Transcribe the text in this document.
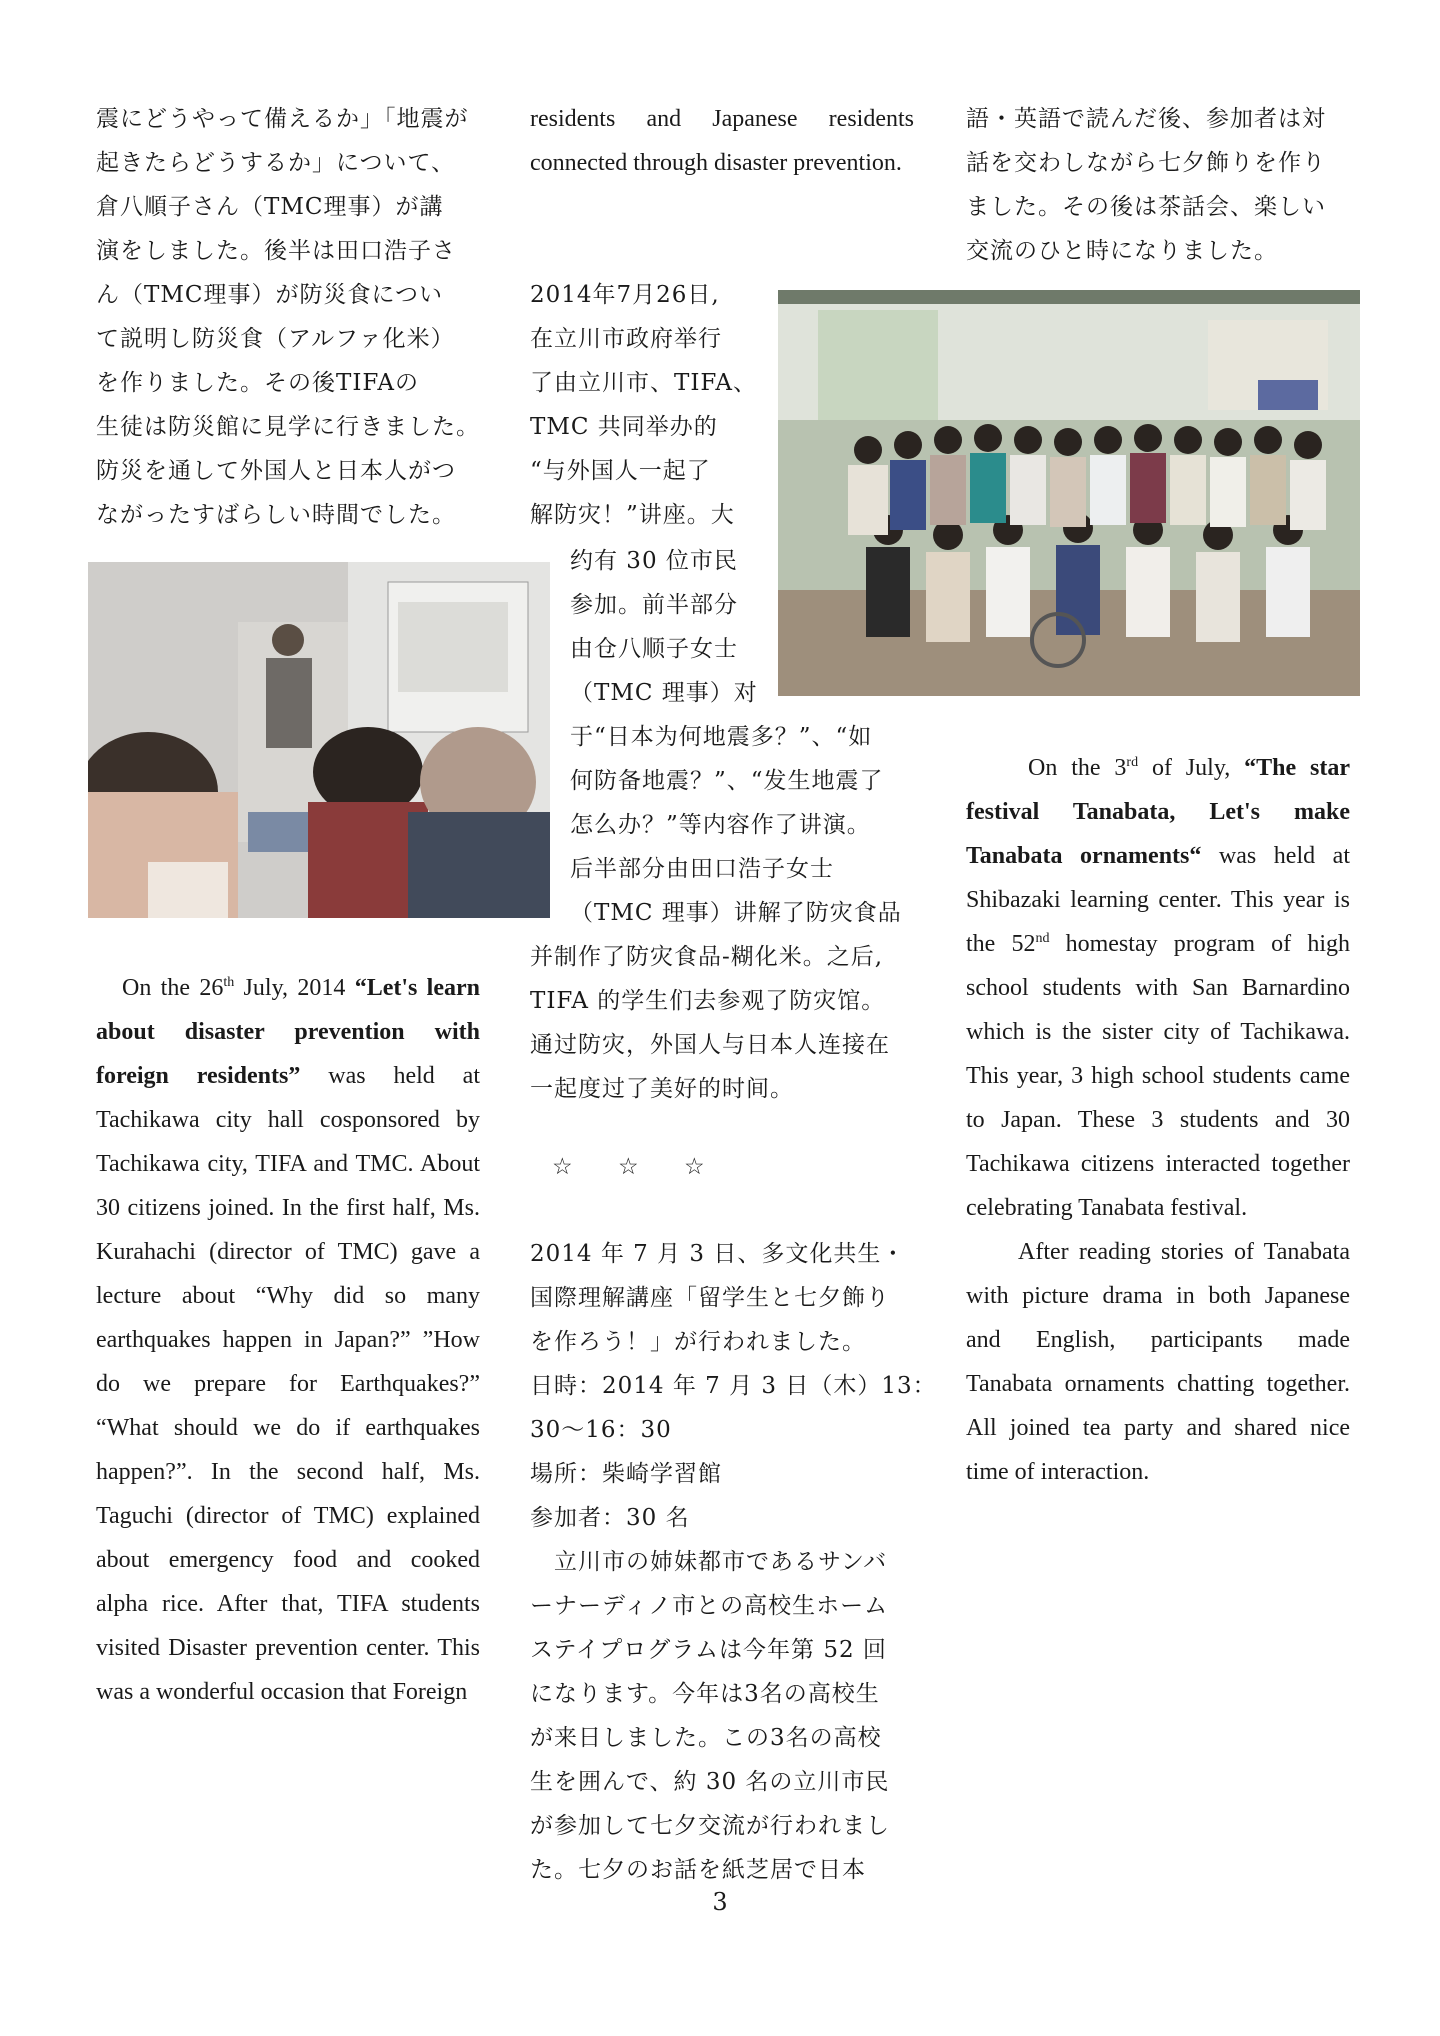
震にどうやって備えるか」「地震が
起きたらどうするか」について、
倉八順子さん（TMC理事）が講
演をしました。後半は田口浩子さ
ん（TMC理事）が防災食につい
て説明し防災食（アルファ化米）
を作りました。その後TIFAの
生徒は防災館に見学に行きました。
防災を通して外国人と日本人がつ
ながったすばらしい時間でした。

On the 26th July, 2014 “Let's learn about disaster prevention with foreign residents” was held at Tachikawa city hall cosponsored by Tachikawa city, TIFA and TMC. About 30 citizens joined. In the first half, Ms. Kurahachi (director of TMC) gave a lecture about “Why did so many earthquakes happen in Japan?” ”How do we prepare for Earthquakes?” “What should we do if earthquakes happen?”. In the second half, Ms. Taguchi (director of TMC) explained about emergency food and cooked alpha rice. After that, TIFA students visited Disaster prevention center. This was a wonderful occasion that Foreign

residents and Japanese residents connected through disaster prevention.

2014年7月26日,
在立川市政府举行
了由立川市、TIFA、
TMC 共同举办的
“与外国人一起了
解防灾！”讲座。大
约有 30 位市民
参加。前半部分
由仓八顺子女士
（TMC 理事）对
于“日本为何地震多？”、“如
何防备地震？”、“发生地震了
怎么办？”等内容作了讲演。
后半部分由田口浩子女士
（TMC 理事）讲解了防灾食品
并制作了防灾食品-糊化米。之后,
TIFA 的学生们去参观了防灾馆。
通过防灾，外国人与日本人连接在
一起度过了美好的时间。
☆ ☆ ☆
2014 年 7 月 3 日、多文化共生・
国際理解講座「留学生と七夕飾り
を作ろう！」が行われました。
日時：2014 年 7 月 3 日（木）13：
30〜16：30
場所：柴崎学習館
参加者：30 名
　立川市の姉妹都市であるサンバ
ーナーディノ市との高校生ホーム
ステイプログラムは今年第 52 回
になります。今年は3名の高校生
が来日しました。この3名の高校
生を囲んで、約 30 名の立川市民
が参加して七夕交流が行われまし
た。七夕のお話を紙芝居で日本
語・英語で読んだ後、参加者は対
話を交わしながら七夕飾りを作り
ました。その後は茶話会、楽しい
交流のひと時になりました。

On the 3rd of July, “The star festival Tanabata, Let's make Tanabata ornaments“ was held at Shibazaki learning center. This year is the 52nd homestay program of high school students with San Barnardino which is the sister city of Tachikawa. This year, 3 high school students came to Japan. These 3 students and 30 Tachikawa citizens interacted together celebrating Tanabata festival.

After reading stories of Tanabata with picture drama in both Japanese and English, participants made Tanabata ornaments chatting together. All joined tea party and shared nice time of interaction.

3
